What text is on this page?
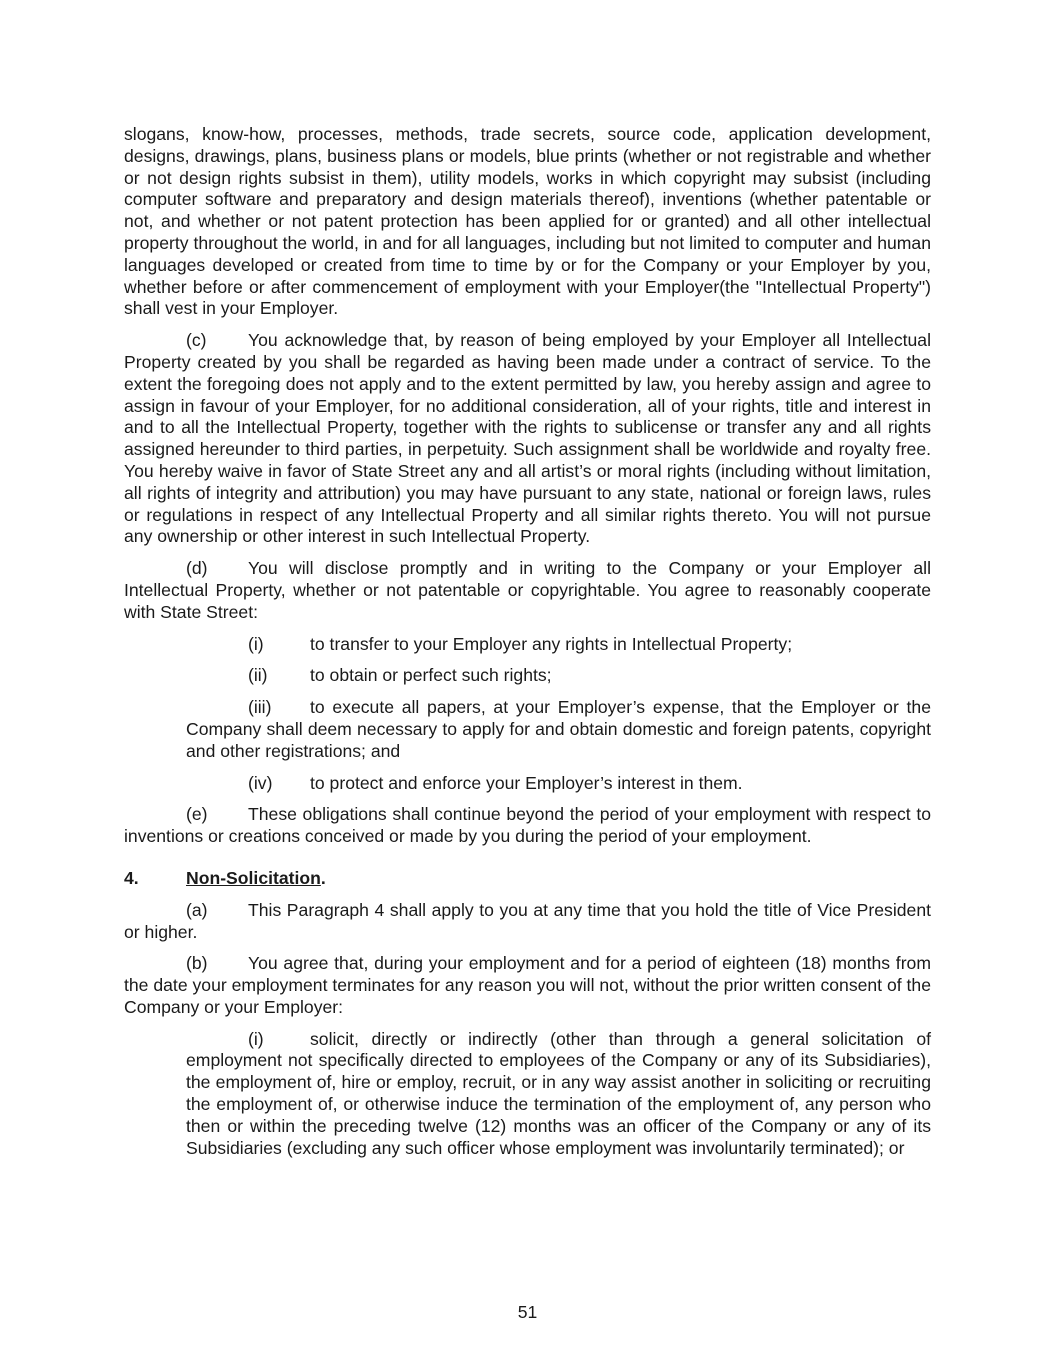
slogans, know-how, processes, methods, trade secrets, source code, application development, designs, drawings, plans, business plans or models, blue prints (whether or not registrable and whether or not design rights subsist in them), utility models, works in which copyright may subsist (including computer software and preparatory and design materials thereof), inventions (whether patentable or not, and whether or not patent protection has been applied for or granted) and all other intellectual property throughout the world, in and for all languages, including but not limited to computer and human languages developed or created from time to time by or for the Company or your Employer by you, whether before or after commencement of employment with your Employer(the "Intellectual Property") shall vest in your Employer.

(c) You acknowledge that, by reason of being employed by your Employer all Intellectual Property created by you shall be regarded as having been made under a contract of service. To the extent the foregoing does not apply and to the extent permitted by law, you hereby assign and agree to assign in favour of your Employer, for no additional consideration, all of your rights, title and interest in and to all the Intellectual Property, together with the rights to sublicense or transfer any and all rights assigned hereunder to third parties, in perpetuity. Such assignment shall be worldwide and royalty free. You hereby waive in favor of State Street any and all artist’s or moral rights (including without limitation, all rights of integrity and attribution) you may have pursuant to any state, national or foreign laws, rules or regulations in respect of any Intellectual Property and all similar rights thereto. You will not pursue any ownership or other interest in such Intellectual Property.

(d) You will disclose promptly and in writing to the Company or your Employer all Intellectual Property, whether or not patentable or copyrightable. You agree to reasonably cooperate with State Street:

(i)	to transfer to your Employer any rights in Intellectual Property;

(ii) to obtain or perfect such rights;

(iii) to execute all papers, at your Employer’s expense, that the Employer or the Company shall deem necessary to apply for and obtain domestic and foreign patents, copyright and other registrations; and

(iv) to protect and enforce your Employer’s interest in them.

(e) These obligations shall continue beyond the period of your employment with respect to inventions or creations conceived or made by you during the period of your employment.

4.	Non-Solicitation.

(a) This Paragraph 4 shall apply to you at any time that you hold the title of Vice President or higher.

(b) You agree that, during your employment and for a period of eighteen (18) months from the date your employment terminates for any reason you will not, without the prior written consent of the Company or your Employer:

(i)	solicit, directly or indirectly (other than through a general solicitation of employment not specifically directed to employees of the Company or any of its Subsidiaries), the employment of, hire or employ, recruit, or in any way assist another in soliciting or recruiting the employment of, or otherwise induce the termination of the employment of, any person who then or within the preceding twelve (12) months was an officer of the Company or any of its Subsidiaries (excluding any such officer whose employment was involuntarily terminated); or

51
